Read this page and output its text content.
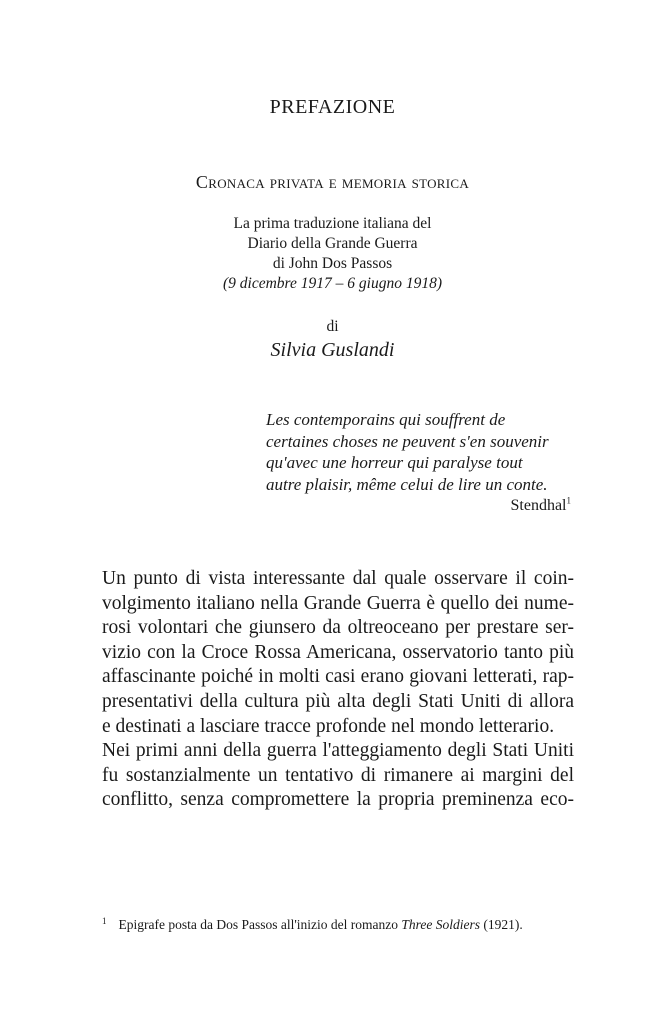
PREFAZIONE
Cronaca privata e memoria storica
La prima traduzione italiana del
Diario della Grande Guerra
di John Dos Passos
(9 dicembre 1917 – 6 giugno 1918)
di
Silvia Guslandi
Les contemporains qui souffrent de
certaines choses ne peuvent s'en souvenir
qu'avec une horreur qui paralyse tout
autre plaisir, même celui de lire un conte.
Stendhal$^1$
Un punto di vista interessante dal quale osservare il coin-
volgimento italiano nella Grande Guerra è quello dei nume-
rosi volontari che giunsero da oltreoceano per prestare ser-
vizio con la Croce Rossa Americana, osservatorio tanto più
affascinante poiché in molti casi erano giovani letterati, rap-
presentativi della cultura più alta degli Stati Uniti di allora
e destinati a lasciare tracce profonde nel mondo letterario.
Nei primi anni della guerra l'atteggiamento degli Stati Uniti
fu sostanzialmente un tentativo di rimanere ai margini del
conflitto, senza compromettere la propria preminenza eco-
$^1$ Epigrafe posta da Dos Passos all'inizio del romanzo Three Soldiers (1921).
